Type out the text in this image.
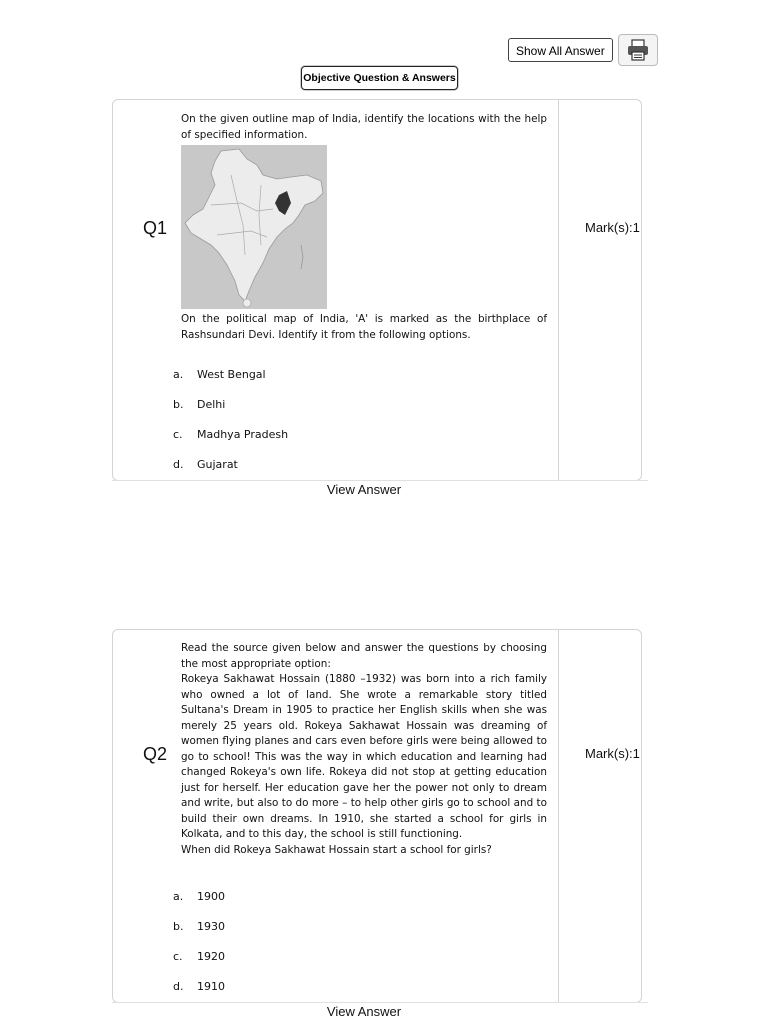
Show All Answer
Objective Question & Answers
Q1

On the given outline map of India, identify the locations with the help of specified information.

On the political map of India, 'A' is marked as the birthplace of Rashsundari Devi. Identify it from the following options.

a.	West Bengal
b.	Delhi
c.	Madhya Pradesh
d.	Gujarat
Mark(s):1
View Answer
Q2

Read the source given below and answer the questions by choosing the most appropriate option:

Rokeya Sakhawat Hossain (1880 –1932) was born into a rich family who owned a lot of land. She wrote a remarkable story titled Sultana's Dream in 1905 to practice her English skills when she was merely 25 years old. Rokeya Sakhawat Hossain was dreaming of women flying planes and cars even before girls were being allowed to go to school! This was the way in which education and learning had changed Rokeya's own life. Rokeya did not stop at getting education just for herself. Her education gave her the power not only to dream and write, but also to do more – to help other girls go to school and to build their own dreams. In 1910, she started a school for girls in Kolkata, and to this day, the school is still functioning.

When did Rokeya Sakhawat Hossain start a school for girls?

a.	1900
b.	1930
c.	1920
d.	1910
Mark(s):1
View Answer
